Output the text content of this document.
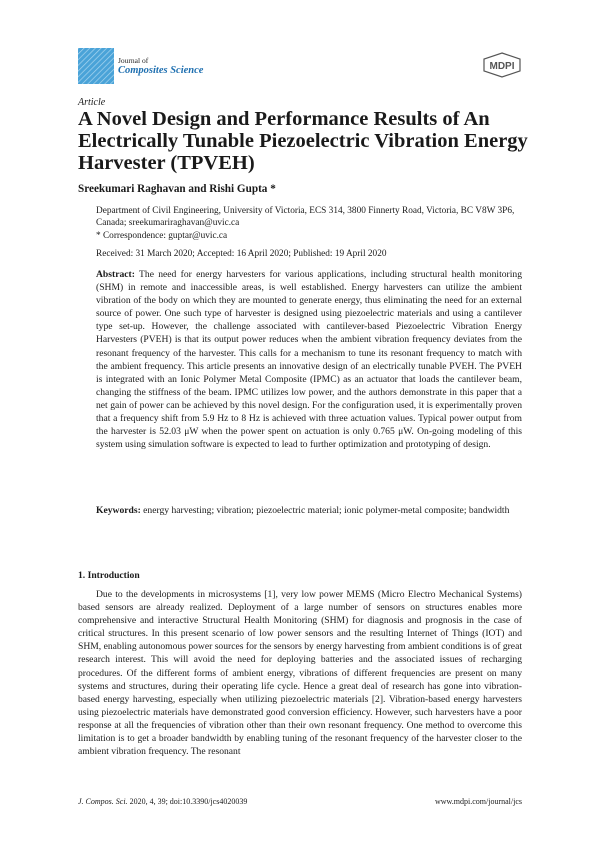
Journal of
Composites Science	MDPI
Article
A Novel Design and Performance Results of An Electrically Tunable Piezoelectric Vibration Energy Harvester (TPVEH)
Sreekumari Raghavan and Rishi Gupta *
Department of Civil Engineering, University of Victoria, ECS 314, 3800 Finnerty Road, Victoria, BC V8W 3P6,
Canada; sreekumariraghavan@uvic.ca
* Correspondence: guptar@uvic.ca
Received: 31 March 2020; Accepted: 16 April 2020; Published: 19 April 2020
Abstract: The need for energy harvesters for various applications, including structural health monitoring (SHM) in remote and inaccessible areas, is well established. Energy harvesters can utilize the ambient vibration of the body on which they are mounted to generate energy, thus eliminating the need for an external source of power. One such type of harvester is designed using piezoelectric materials and using a cantilever type set-up. However, the challenge associated with cantilever-based Piezoelectric Vibration Energy Harvesters (PVEH) is that its output power reduces when the ambient vibration frequency deviates from the resonant frequency of the harvester. This calls for a mechanism to tune its resonant frequency to match with the ambient frequency. This article presents an innovative design of an electrically tunable PVEH. The PVEH is integrated with an Ionic Polymer Metal Composite (IPMC) as an actuator that loads the cantilever beam, changing the stiffness of the beam. IPMC utilizes low power, and the authors demonstrate in this paper that a net gain of power can be achieved by this novel design. For the configuration used, it is experimentally proven that a frequency shift from 5.9 Hz to 8 Hz is achieved with three actuation values. Typical power output from the harvester is 52.03 μW when the power spent on actuation is only 0.765 μW. On-going modeling of this system using simulation software is expected to lead to further optimization and prototyping of design.
Keywords: energy harvesting; vibration; piezoelectric material; ionic polymer-metal composite; bandwidth
1. Introduction
Due to the developments in microsystems [1], very low power MEMS (Micro Electro Mechanical Systems) based sensors are already realized. Deployment of a large number of sensors on structures enables more comprehensive and interactive Structural Health Monitoring (SHM) for diagnosis and prognosis in the case of critical structures. In this present scenario of low power sensors and the resulting Internet of Things (IOT) and SHM, enabling autonomous power sources for the sensors by energy harvesting from ambient conditions is of great research interest. This will avoid the need for deploying batteries and the associated issues of recharging procedures. Of the different forms of ambient energy, vibrations of different frequencies are present on many systems and structures, during their operating life cycle. Hence a great deal of research has gone into vibration-based energy harvesting, especially when utilizing piezoelectric materials [2]. Vibration-based energy harvesters using piezoelectric materials have demonstrated good conversion efficiency. However, such harvesters have a poor response at all the frequencies of vibration other than their own resonant frequency. One method to overcome this limitation is to get a broader bandwidth by enabling tuning of the resonant frequency of the harvester closer to the ambient vibration frequency. The resonant
J. Compos. Sci. 2020, 4, 39; doi:10.3390/jcs4020039	www.mdpi.com/journal/jcs
